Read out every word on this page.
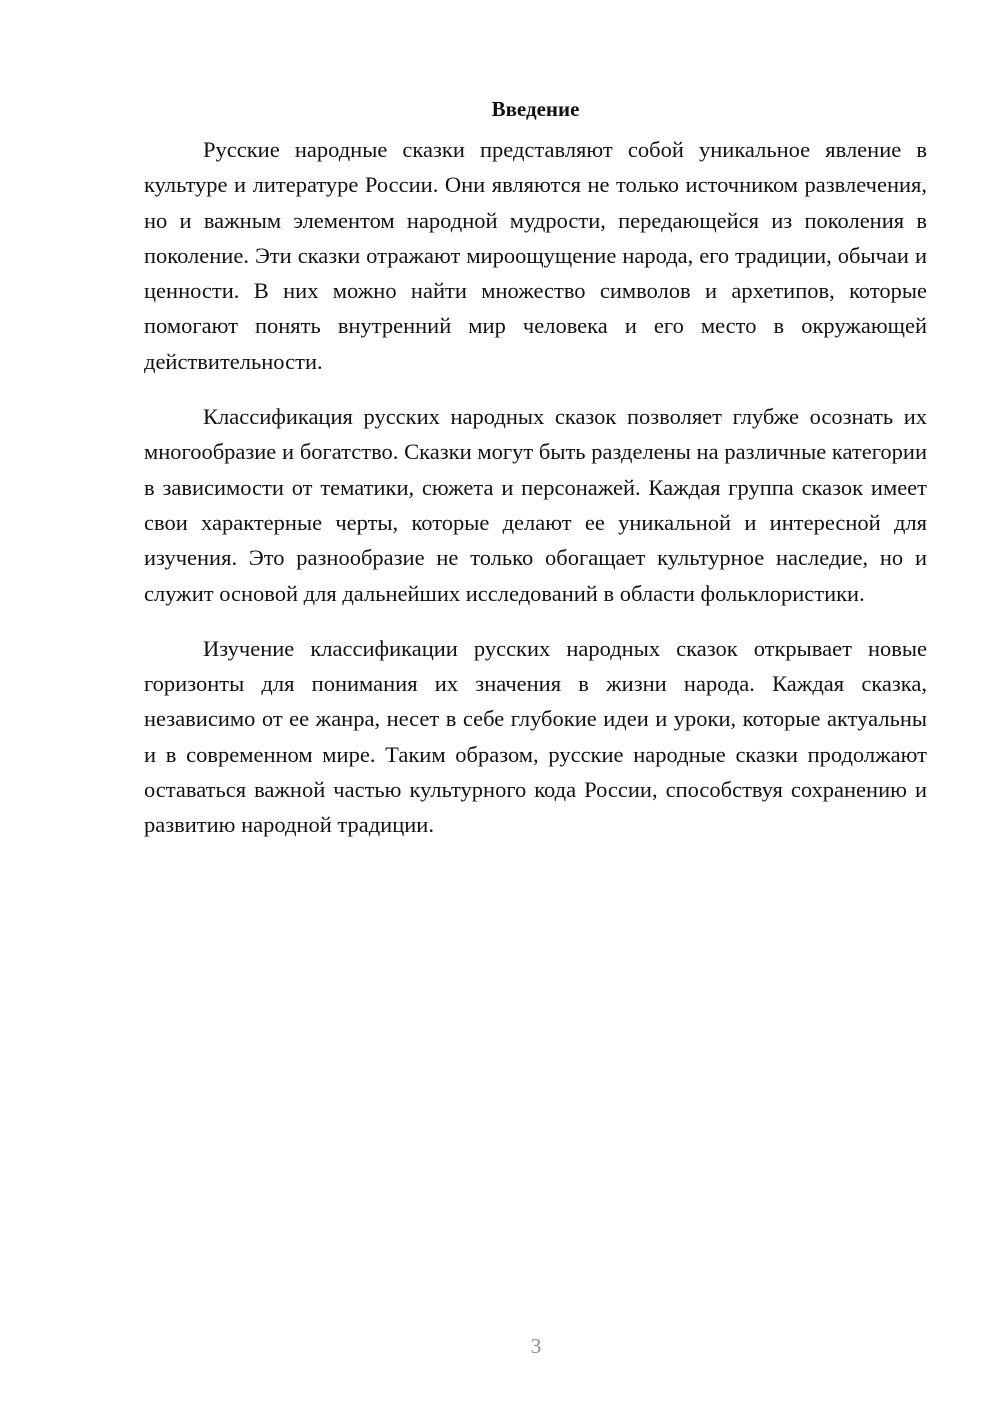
Введение

Русские народные сказки представляют собой уникальное явление в культуре и литературе России. Они являются не только источником развлечения, но и важным элементом народной мудрости, передающейся из поколения в поколение. Эти сказки отражают мироощущение народа, его традиции, обычаи и ценности. В них можно найти множество символов и архетипов, которые помогают понять внутренний мир человека и его место в окружающей действительности.

Классификация русских народных сказок позволяет глубже осознать их многообразие и богатство. Сказки могут быть разделены на различные категории в зависимости от тематики, сюжета и персонажей. Каждая группа сказок имеет свои характерные черты, которые делают ее уникальной и интересной для изучения. Это разнообразие не только обогащает культурное наследие, но и служит основой для дальнейших исследований в области фольклористики.

Изучение классификации русских народных сказок открывает новые горизонты для понимания их значения в жизни народа. Каждая сказка, независимо от ее жанра, несет в себе глубокие идеи и уроки, которые актуальны и в современном мире. Таким образом, русские народные сказки продолжают оставаться важной частью культурного кода России, способствуя сохранению и развитию народной традиции.

3
